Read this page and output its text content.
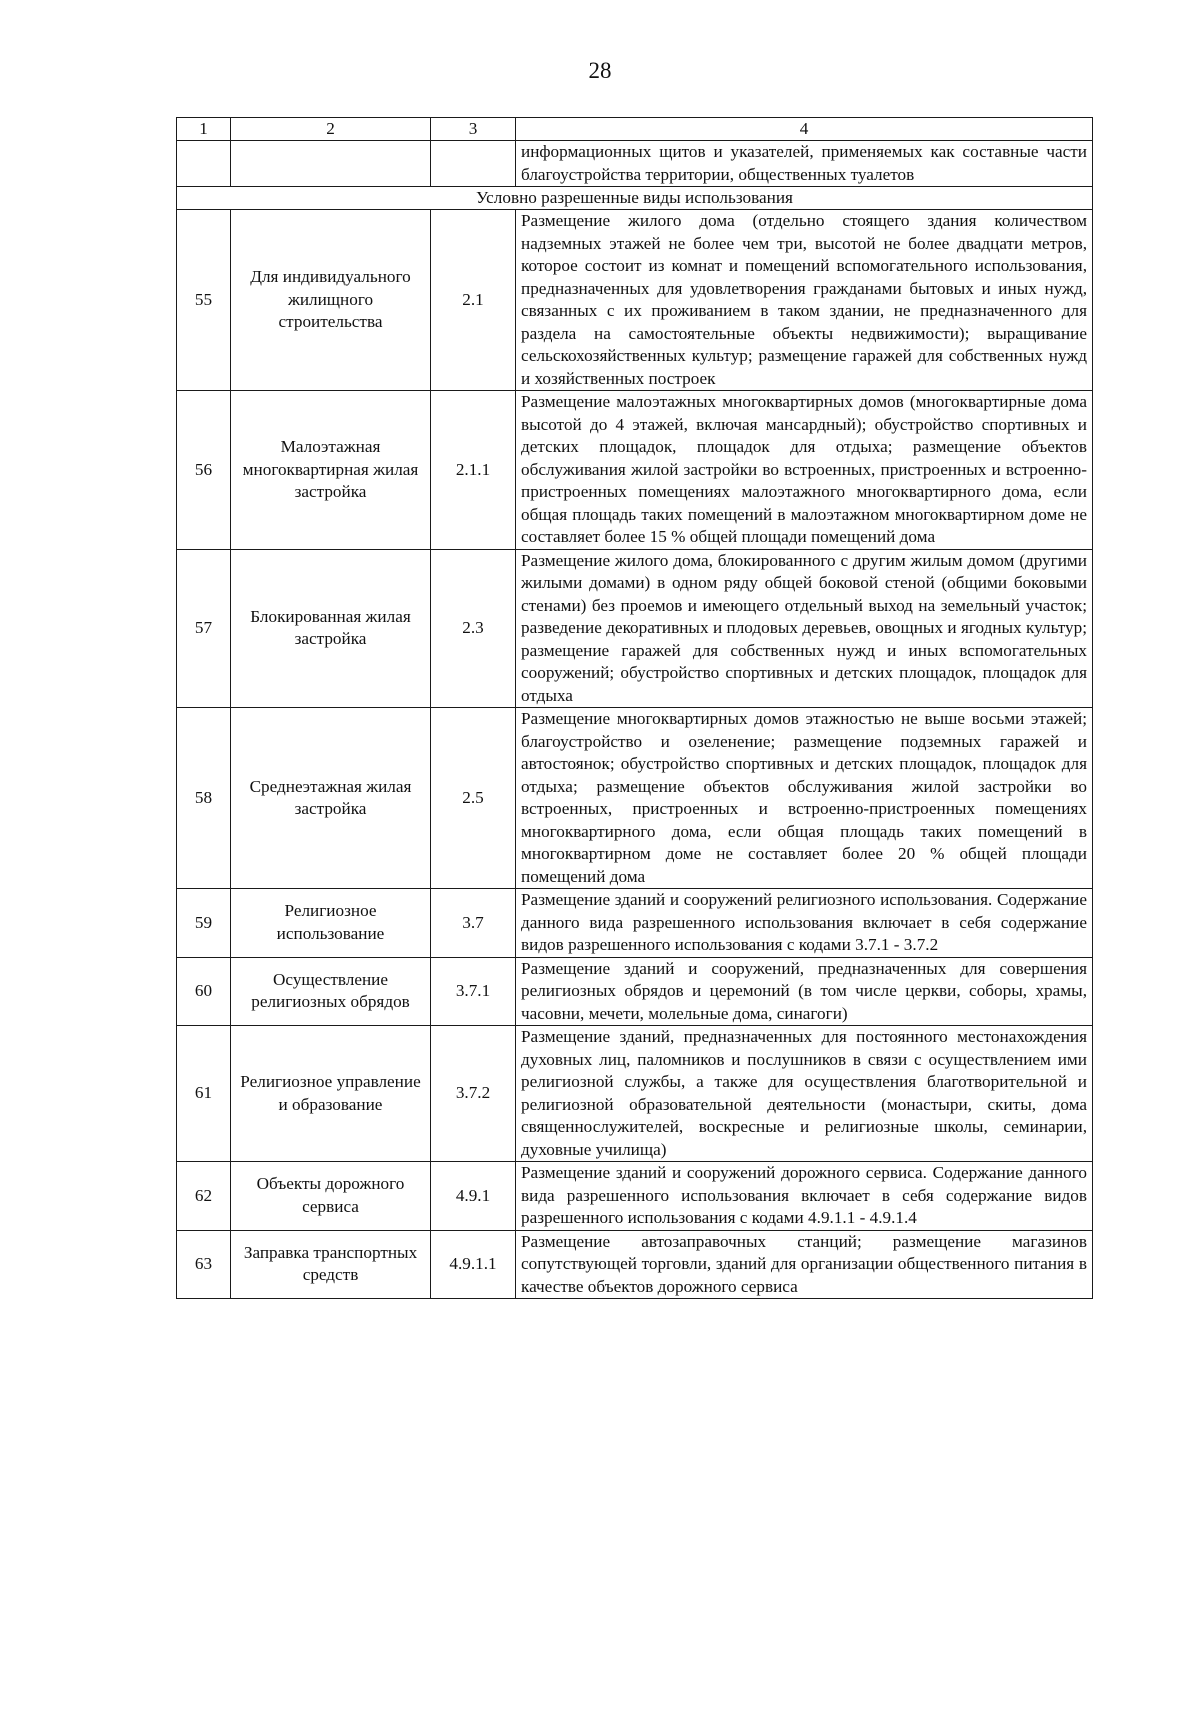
28
1	2	3	4
			информационных щитов и указателей, применяемых как составные части благоустройства территории, общественных туалетов
Условно разрешенные виды использования			
55	Для индивидуального жилищного строительства	2.1	Размещение жилого дома (отдельно стоящего здания количеством надземных этажей не более чем три, высотой не более двадцати метров, которое состоит из комнат и помещений вспомогательного использования, предназначенных для удовлетворения гражданами бытовых и иных нужд, связанных с их проживанием в таком здании, не предназначенного для раздела на самостоятельные объекты недвижимости); выращивание сельскохозяйственных культур; размещение гаражей для собственных нужд и хозяйственных построек
56	Малоэтажная многоквартирная жилая застройка	2.1.1	Размещение малоэтажных многоквартирных домов (многоквартирные дома высотой до 4 этажей, включая мансардный); обустройство спортивных и детских площадок, площадок для отдыха; размещение объектов обслуживания жилой застройки во встроенных, пристроенных и встроенно-пристроенных помещениях малоэтажного многоквартирного дома, если общая площадь таких помещений в малоэтажном многоквартирном доме не составляет более 15 % общей площади помещений дома
57	Блокированная жилая застройка	2.3	Размещение жилого дома, блокированного с другим жилым домом (другими жилыми домами) в одном ряду общей боковой стеной (общими боковыми стенами) без проемов и имеющего отдельный выход на земельный участок; разведение декоративных и плодовых деревьев, овощных и ягодных культур; размещение гаражей для собственных нужд и иных вспомогательных сооружений; обустройство спортивных и детских площадок, площадок для отдыха
58	Среднеэтажная жилая застройка	2.5	Размещение многоквартирных домов этажностью не выше восьми этажей; благоустройство и озеленение; размещение подземных гаражей и автостоянок; обустройство спортивных и детских площадок, площадок для отдыха; размещение объектов обслуживания жилой застройки во встроенных, пристроенных и встроенно-пристроенных помещениях многоквартирного дома, если общая площадь таких помещений в многоквартирном доме не составляет более 20 % общей площади помещений дома
59	Религиозное использование	3.7	Размещение зданий и сооружений религиозного использования. Содержание данного вида разрешенного использования включает в себя содержание видов разрешенного использования с кодами 3.7.1 - 3.7.2
60	Осуществление религиозных обрядов	3.7.1	Размещение зданий и сооружений, предназначенных для совершения религиозных обрядов и церемоний (в том числе церкви, соборы, храмы, часовни, мечети, молельные дома, синагоги)
61	Религиозное управление и образование	3.7.2	Размещение зданий, предназначенных для постоянного местонахождения духовных лиц, паломников и послушников в связи с осуществлением ими религиозной службы, а также для осуществления благотворительной и религиозной образовательной деятельности (монастыри, скиты, дома священнослужителей, воскресные и религиозные школы, семинарии, духовные училища)
62	Объекты дорожного сервиса	4.9.1	Размещение зданий и сооружений дорожного сервиса. Содержание данного вида разрешенного использования включает в себя содержание видов разрешенного использования с кодами 4.9.1.1 - 4.9.1.4
63	Заправка транспортных средств	4.9.1.1	Размещение автозаправочных станций; размещение магазинов сопутствующей торговли, зданий для организации общественного питания в качестве объектов дорожного сервиса
